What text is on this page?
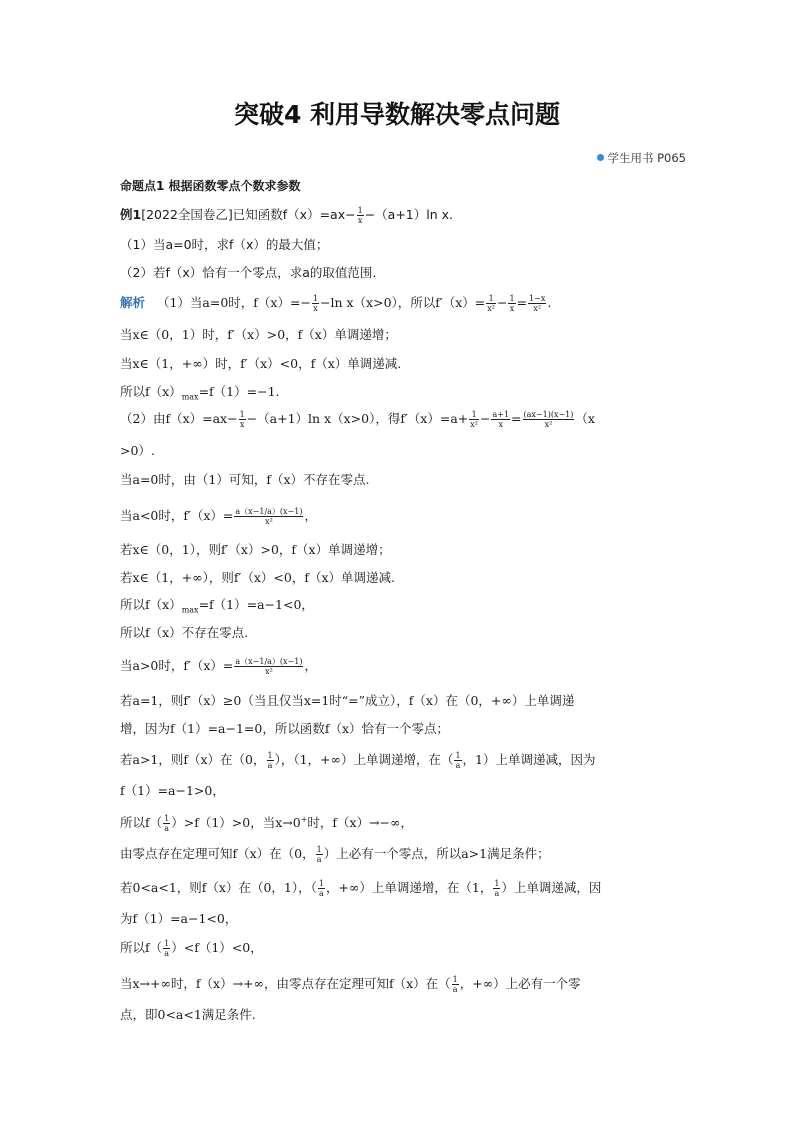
突破4 利用导数解决零点问题
学生用书 P065
命题点1 根据函数零点个数求参数
例1[2022全国卷乙]已知函数$f(x)=ax- \frac{1}{x} -(a+1)\ln$ x.
（1）当a=0时，求f（x）的最大值；
（2）若f（x）恰有一个零点，求a的取值范围.
解析 （1）当a=0时，$f(x)=- \frac{1}{x} -\ln$ x（x>0），所以$f'(x)= \frac{1}{\text{x²}} - \frac{1}{x} = \frac{1-x}{\text{x²}}$ .
当x∈（0，1）时，f′（x）>0，f（x）单调递增；
当x∈（1，+∞）时，f′（x）<0，f（x）单调递减.
所以$f(x)_{max}=f(1)=-1$.
（2）由$f(x)=ax- \frac{1}{x} -(a+1)\ln$ x（x>0），得$f'(x)=a+ \frac{1}{\text{x²}} - \frac{a+1}{x} = \frac{(ax-1)(x-1)}{\text{x²}} (x$
>0）.
当a=0时，由（1）可知，f（x）不存在零点.
当a<0时，$f'(x)= \frac{a(x-1/a)(x-1)}{\text{x²}}$ ，
若x∈（0，1），则f′（x）>0，f（x）单调递增；
若x∈（1，+∞），则f′（x）<0，f（x）单调递减.
所以$f(x)_{max}=f(1)=a-1<0$，
所以f（x）不存在零点.
当a>0时，$f'(x)= \frac{a(x-1/a)(x-1)}{\text{x²}}$ ，
若a=1，则f′（x）≥0（当且仅当x=1时“=”成立），f（x）在（0，+∞）上单调递
增，因为f（1）=a−1=0，所以函数f（x）恰有一个零点；
若a>1，则f（x）在（0， $\frac{1}{a}$ ），（1，+∞）上单调递增，在（ $\frac{1}{a}$ ，1）上单调递减，因为
f（1）=a−1>0，
所以$f( \frac{1}{a} )>f(1)>0$，当x→0+时，f（x）→−∞，
由零点存在定理可知f（x）在（0， $\frac{1}{a}$ ）上必有一个零点，所以a>1满足条件；
若0<a<1，则f（x）在（0，1），（ $\frac{1}{a}$ ，+∞）上单调递增，在（1， $\frac{1}{a}$ ）上单调递减，因
为f（1）=a−1<0，
所以$f( \frac{1}{a} )<f(1)<0$，
当x→+∞时，f（x）→+∞，由零点存在定理可知f（x）在（ $\frac{1}{a}$ ，+∞）上必有一个零
点，即0<a<1满足条件.
